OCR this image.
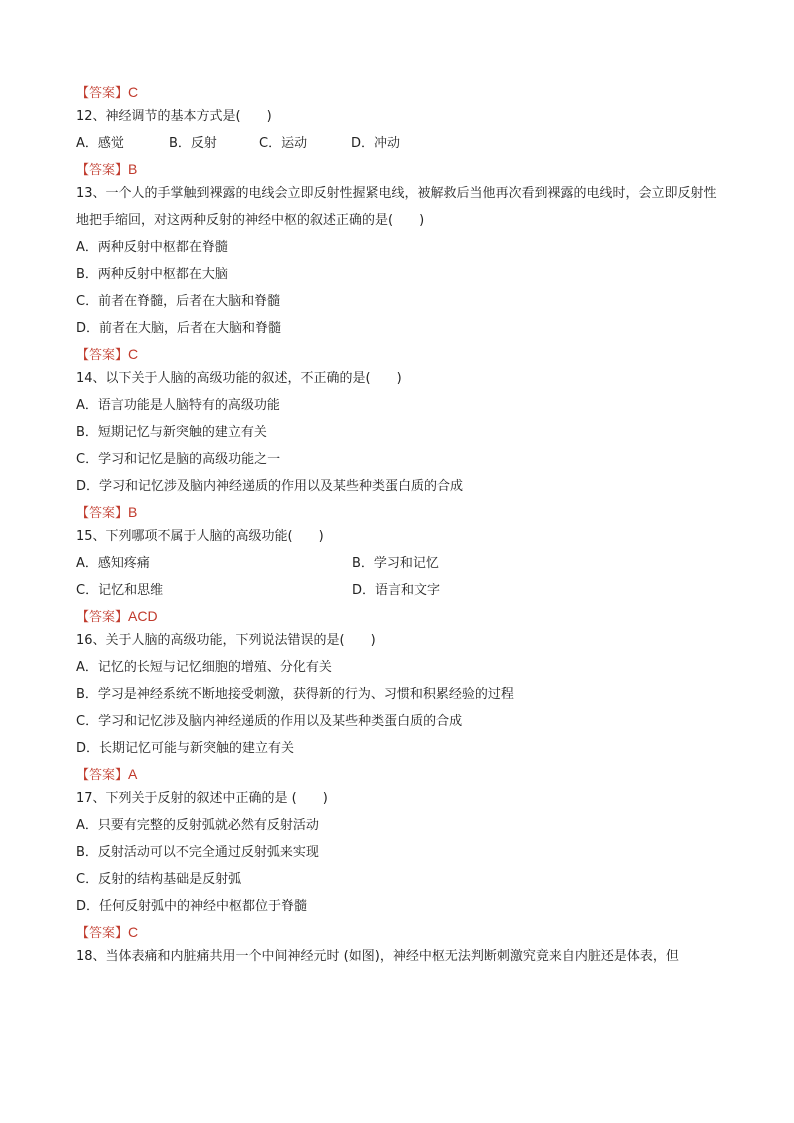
【答案】C
12、神经调节的基本方式是(　　)
A．感觉	B．反射	C．运动	D．冲动
【答案】B
13、一个人的手掌触到裸露的电线会立即反射性握紧电线，被解救后当他再次看到裸露的电线时，会立即反射性地把手缩回，对这两种反射的神经中枢的叙述正确的是(　　)
A．两种反射中枢都在脊髓
B．两种反射中枢都在大脑
C．前者在脊髓，后者在大脑和脊髓
D．前者在大脑，后者在大脑和脊髓
【答案】C
14、以下关于人脑的高级功能的叙述，不正确的是(　　)
A．语言功能是人脑特有的高级功能
B．短期记忆与新突触的建立有关
C．学习和记忆是脑的高级功能之一
D．学习和记忆涉及脑内神经递质的作用以及某些种类蛋白质的合成
【答案】B
15、下列哪项不属于人脑的高级功能(　　)
A．感知疼痛	B．学习和记忆
C．记忆和思维	D．语言和文字
【答案】ACD
16、关于人脑的高级功能，下列说法错误的是(　　)
A．记忆的长短与记忆细胞的增殖、分化有关
B．学习是神经系统不断地接受刺激，获得新的行为、习惯和积累经验的过程
C．学习和记忆涉及脑内神经递质的作用以及某些种类蛋白质的合成
D．长期记忆可能与新突触的建立有关
【答案】A
17、下列关于反射的叙述中正确的是 (　　)
A．只要有完整的反射弧就必然有反射活动
B．反射活动可以不完全通过反射弧来实现
C．反射的结构基础是反射弧
D．任何反射弧中的神经中枢都位于脊髓
【答案】C
18、当体表痛和内脏痛共用一个中间神经元时 (如图)，神经中枢无法判断刺激究竟来自内脏还是体表，但
